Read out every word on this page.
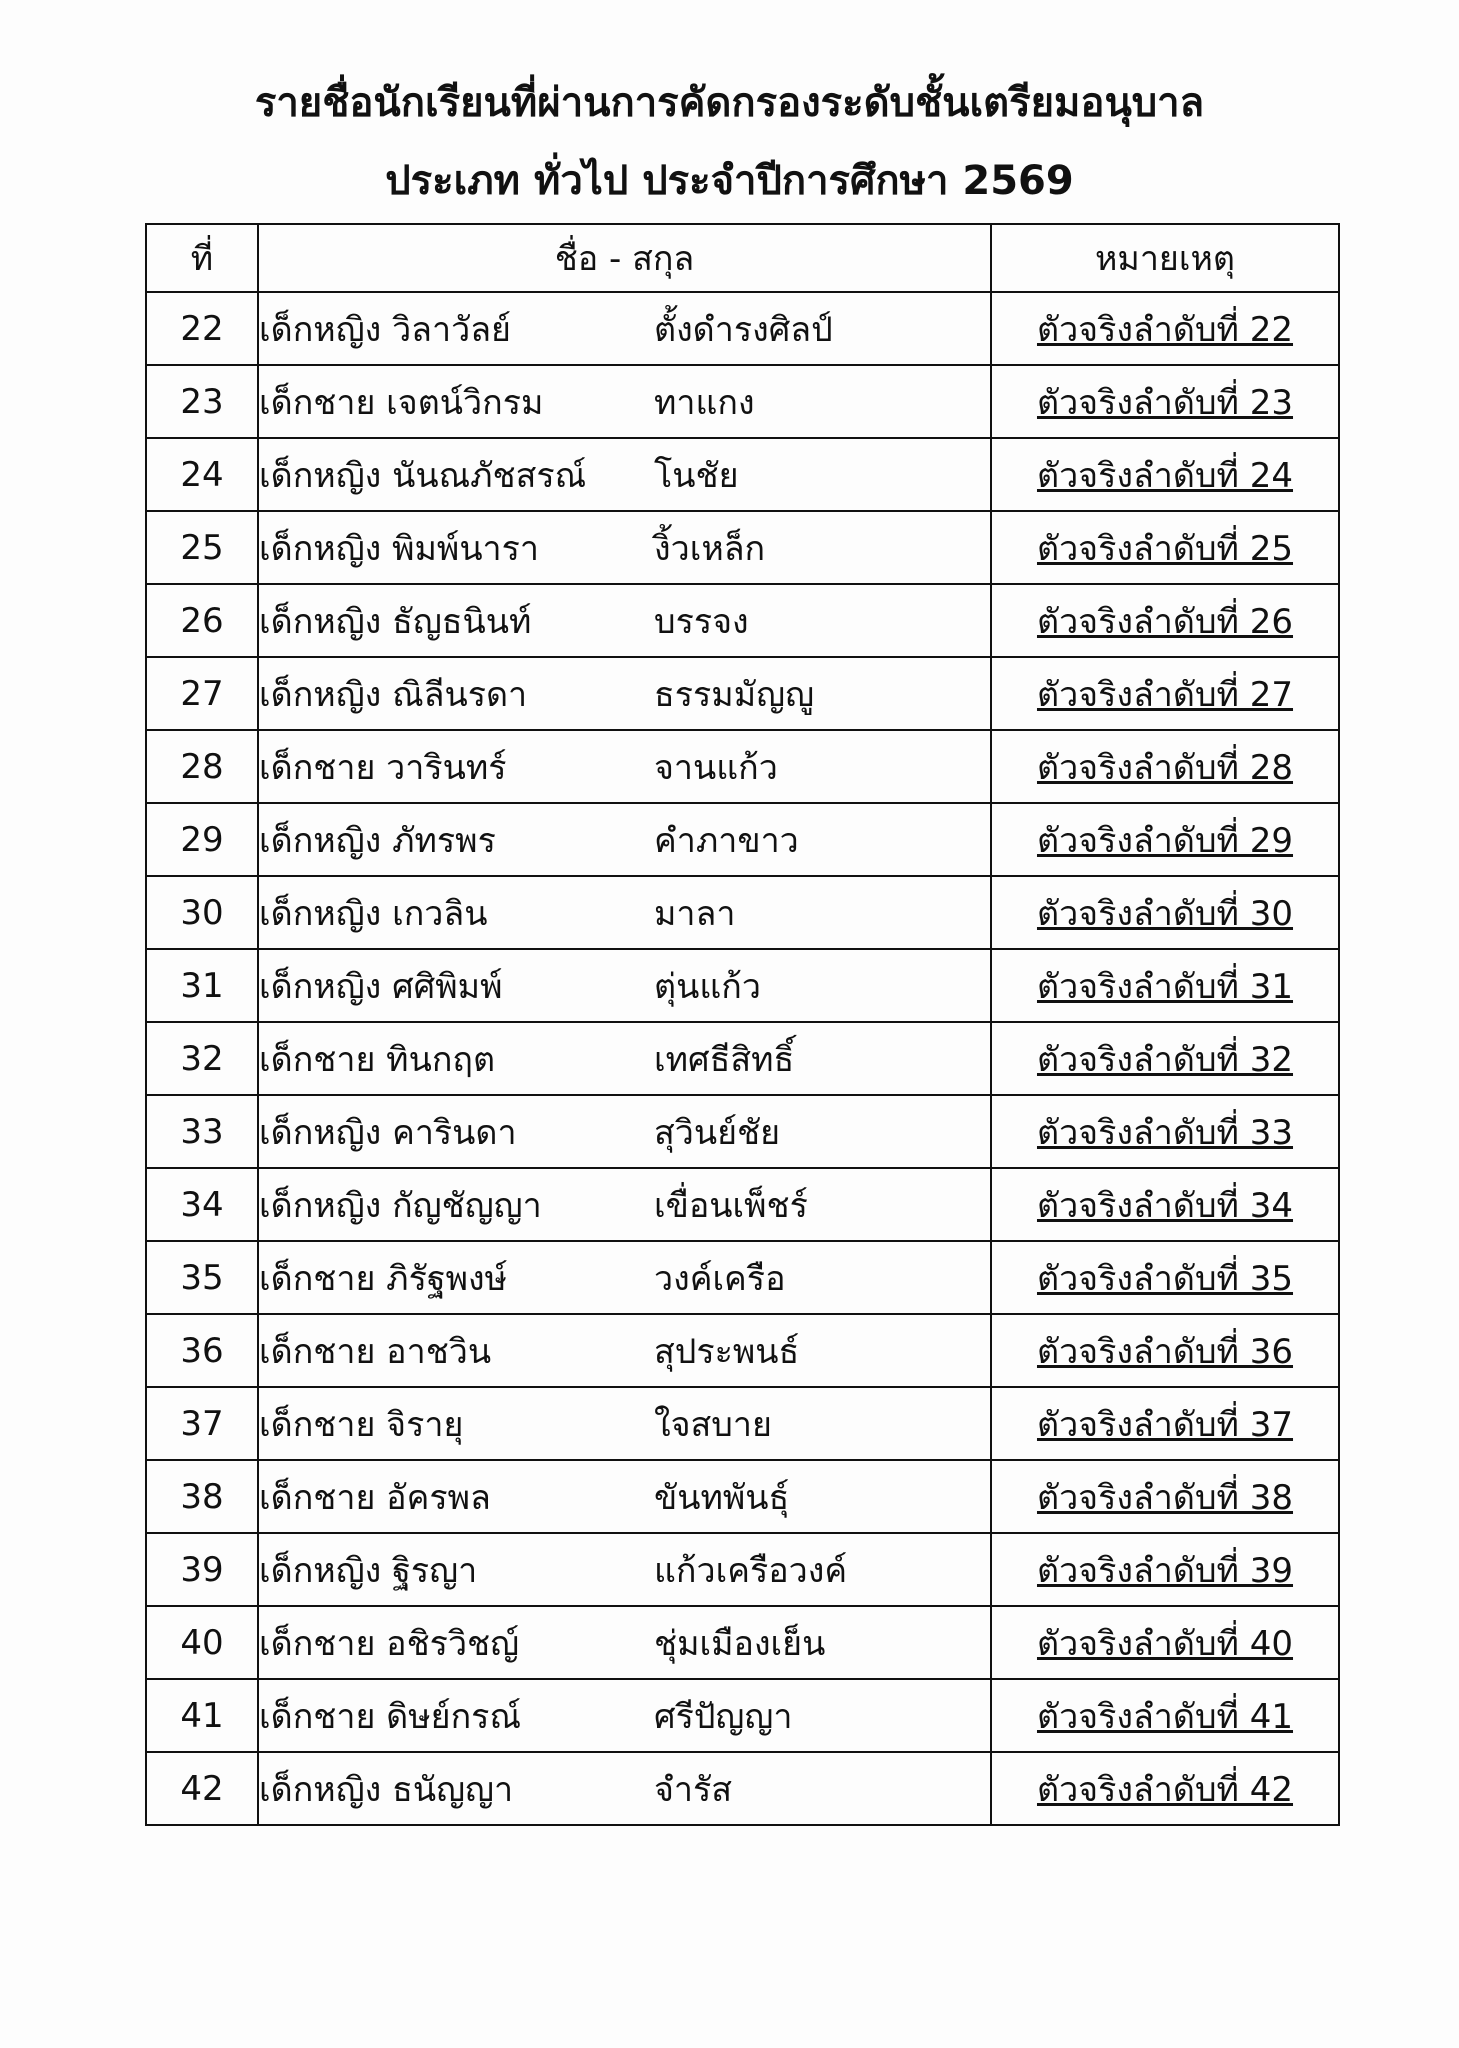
รายชื่อนักเรียนที่ผ่านการคัดกรองระดับชั้นเตรียมอนุบาล
ประเภท ทั่วไป ประจำปีการศึกษา 2569
ที่	ชื่อ - สกุล	หมายเหตุ
22	เด็กหญิง วิลาวัลย์ ตั้งดำรงศิลป์	ตัวจริงลำดับที่ 22
23	เด็กชาย เจตน์วิกรม ทาแกง	ตัวจริงลำดับที่ 23
24	เด็กหญิง นันณภัชสรณ์ โนชัย	ตัวจริงลำดับที่ 24
25	เด็กหญิง พิมพ์นารา งิ้วเหล็ก	ตัวจริงลำดับที่ 25
26	เด็กหญิง ธัญธนินท์ บรรจง	ตัวจริงลำดับที่ 26
27	เด็กหญิง ณิลีนรดา ธรรมมัญญู	ตัวจริงลำดับที่ 27
28	เด็กชาย วารินทร์ จานแก้ว	ตัวจริงลำดับที่ 28
29	เด็กหญิง ภัทรพร คำภาขาว	ตัวจริงลำดับที่ 29
30	เด็กหญิง เกวลิน มาลา	ตัวจริงลำดับที่ 30
31	เด็กหญิง ศศิพิมพ์ ตุ่นแก้ว	ตัวจริงลำดับที่ 31
32	เด็กชาย ทินกฤต เทศธีสิทธิ์	ตัวจริงลำดับที่ 32
33	เด็กหญิง คารินดา สุวินย์ชัย	ตัวจริงลำดับที่ 33
34	เด็กหญิง กัญชัญญา เขื่อนเพ็ชร์	ตัวจริงลำดับที่ 34
35	เด็กชาย ภิรัฐพงษ์ วงค์เครือ	ตัวจริงลำดับที่ 35
36	เด็กชาย อาชวิน สุประพนธ์	ตัวจริงลำดับที่ 36
37	เด็กชาย จิรายุ ใจสบาย	ตัวจริงลำดับที่ 37
38	เด็กชาย อัครพล ขันทพันธุ์	ตัวจริงลำดับที่ 38
39	เด็กหญิง ฐิรญา แก้วเครือวงค์	ตัวจริงลำดับที่ 39
40	เด็กชาย อชิรวิชญ์ ชุ่มเมืองเย็น	ตัวจริงลำดับที่ 40
41	เด็กชาย ดิษย์กรณ์ ศรีปัญญา	ตัวจริงลำดับที่ 41
42	เด็กหญิง ธนัญญา จำรัส	ตัวจริงลำดับที่ 42
